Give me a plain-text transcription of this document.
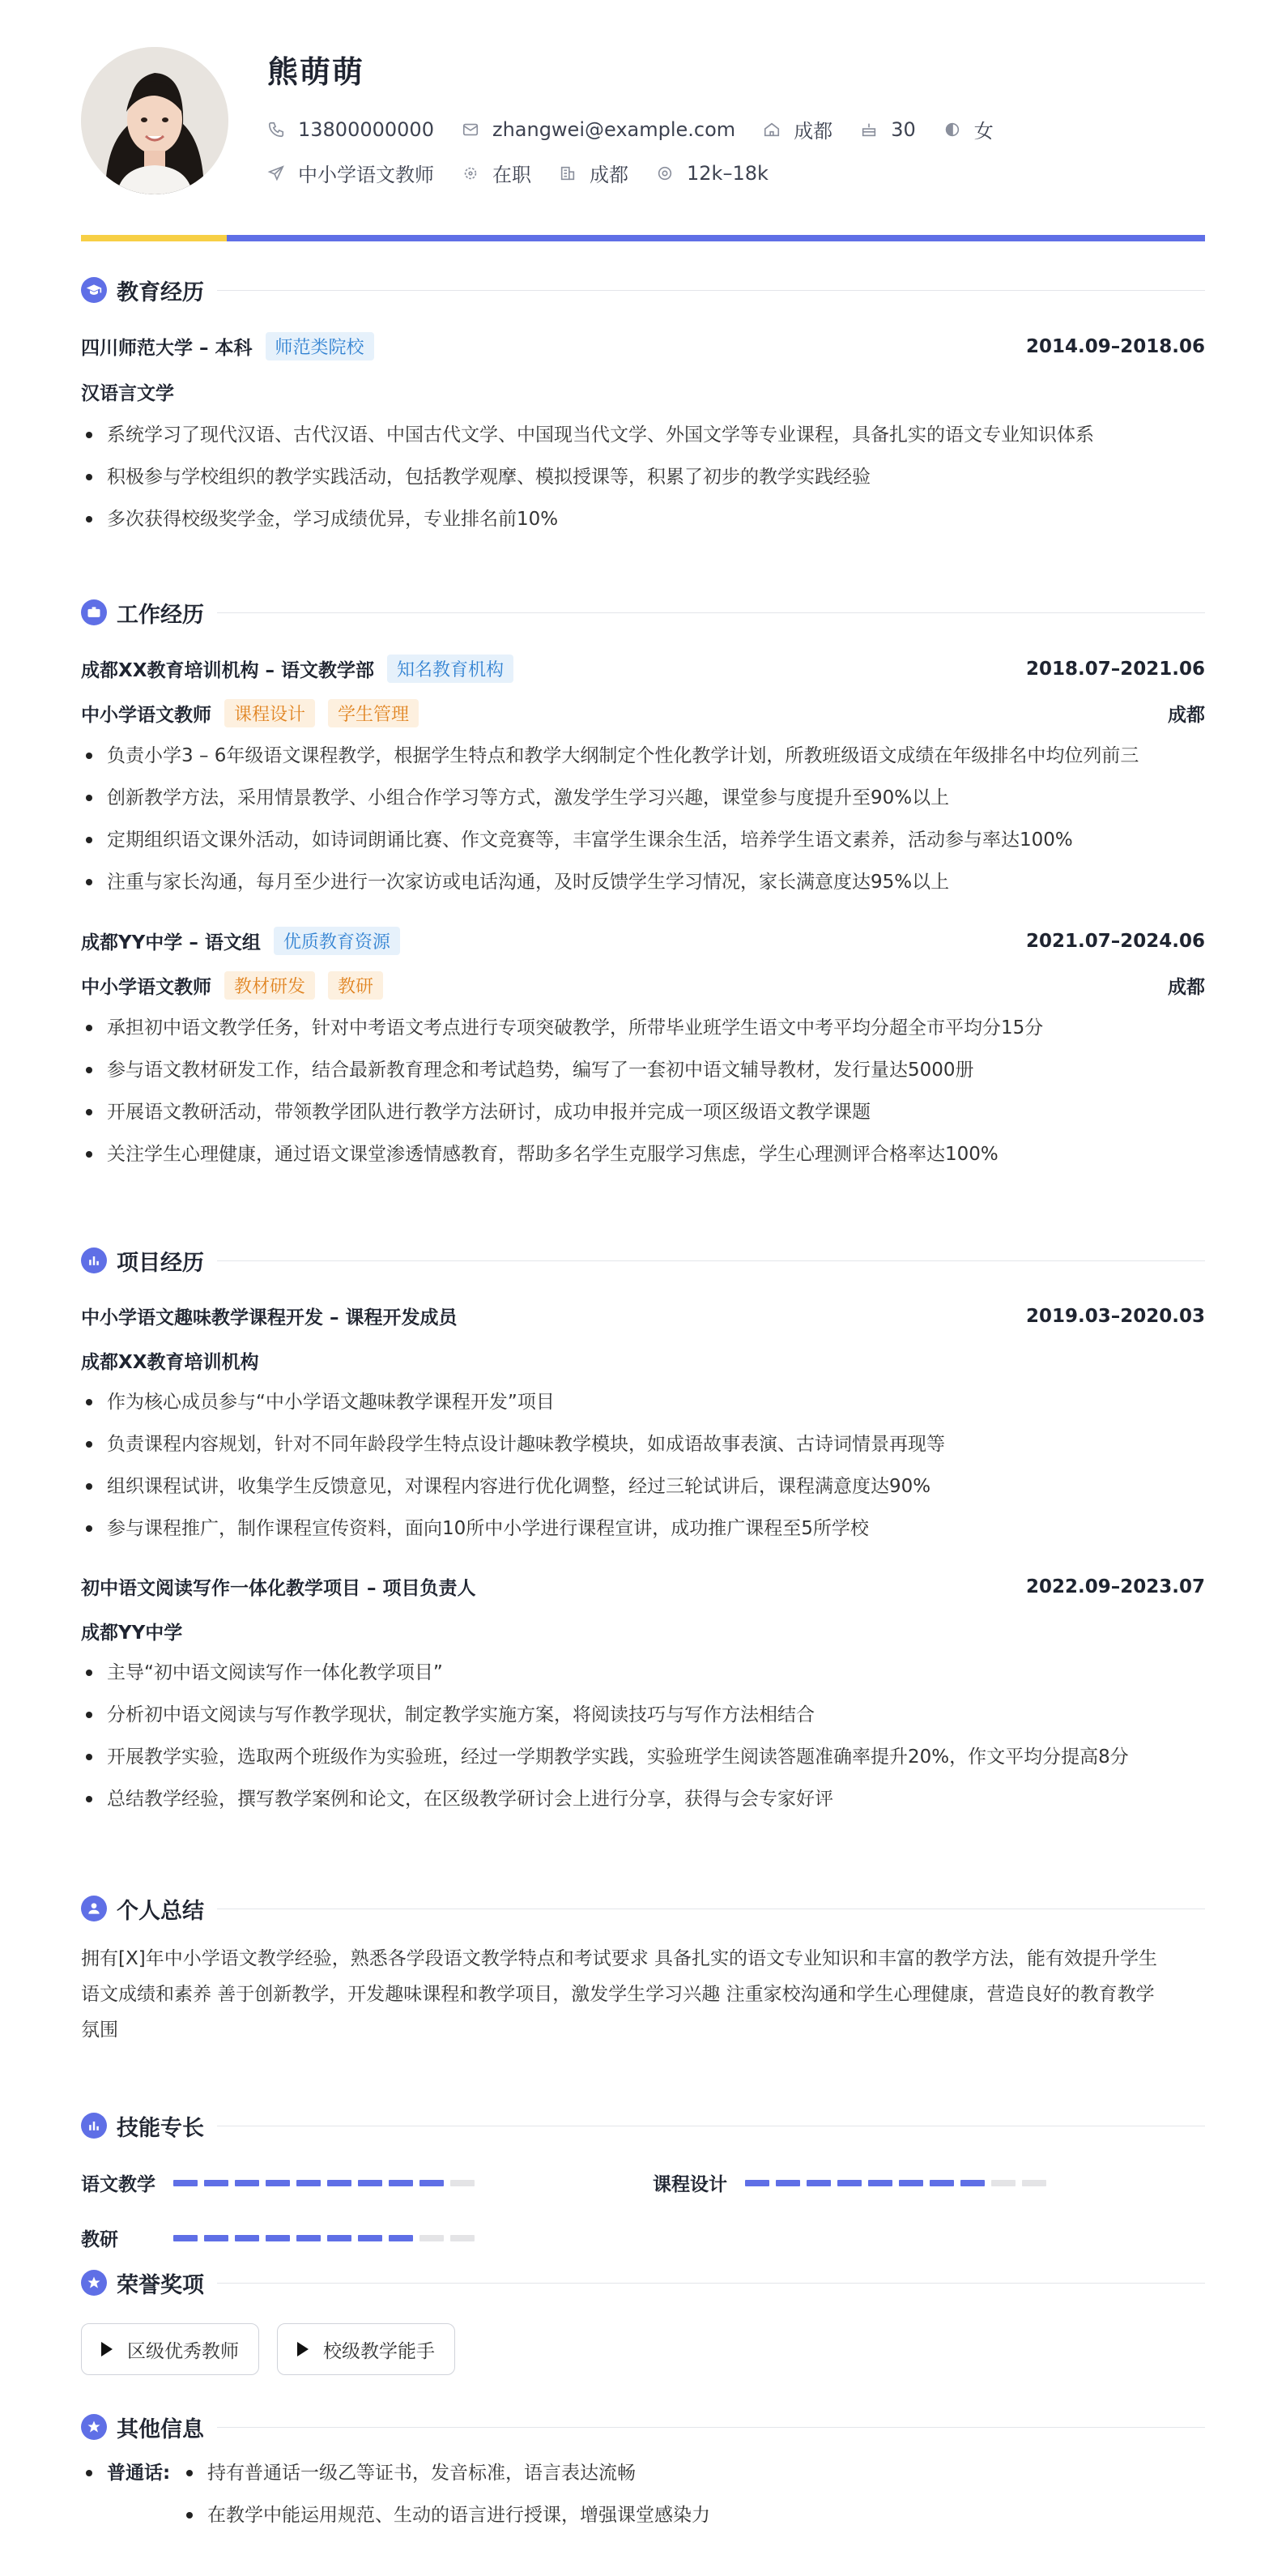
熊萌萌
13800000000	zhangwei@example.com	成都	30	女
中小学语文教师	在职	成都	12k–18k
教育经历
四川师范大学 – 本科	师范类院校	2014.09–2018.06
汉语言文学
系统学习了现代汉语、古代汉语、中国古代文学、中国现当代文学、外国文学等专业课程，具备扎实的语文专业知识体系
积极参与学校组织的教学实践活动，包括教学观摩、模拟授课等，积累了初步的教学实践经验
多次获得校级奖学金，学习成绩优异，专业排名前10%
工作经历
成都XX教育培训机构 – 语文教学部	知名教育机构	2018.07–2021.06
中小学语文教师	课程设计	学生管理	成都
负责小学3 – 6年级语文课程教学，根据学生特点和教学大纲制定个性化教学计划，所教班级语文成绩在年级排名中均位列前三
创新教学方法，采用情景教学、小组合作学习等方式，激发学生学习兴趣，课堂参与度提升至90%以上
定期组织语文课外活动，如诗词朗诵比赛、作文竞赛等，丰富学生课余生活，培养学生语文素养，活动参与率达100%
注重与家长沟通，每月至少进行一次家访或电话沟通，及时反馈学生学习情况，家长满意度达95%以上
成都YY中学 – 语文组	优质教育资源	2021.07–2024.06
中小学语文教师	教材研发	教研	成都
承担初中语文教学任务，针对中考语文考点进行专项突破教学，所带毕业班学生语文中考平均分超全市平均分15分
参与语文教材研发工作，结合最新教育理念和考试趋势，编写了一套初中语文辅导教材，发行量达5000册
开展语文教研活动，带领教学团队进行教学方法研讨，成功申报并完成一项区级语文教学课题
关注学生心理健康，通过语文课堂渗透情感教育，帮助多名学生克服学习焦虑，学生心理测评合格率达100%
项目经历
中小学语文趣味教学课程开发 – 课程开发成员	2019.03–2020.03
成都XX教育培训机构
作为核心成员参与“中小学语文趣味教学课程开发”项目
负责课程内容规划，针对不同年龄段学生特点设计趣味教学模块，如成语故事表演、古诗词情景再现等
组织课程试讲，收集学生反馈意见，对课程内容进行优化调整，经过三轮试讲后，课程满意度达90%
参与课程推广，制作课程宣传资料，面向10所中小学进行课程宣讲，成功推广课程至5所学校
初中语文阅读写作一体化教学项目 – 项目负责人	2022.09–2023.07
成都YY中学
主导“初中语文阅读写作一体化教学项目”
分析初中语文阅读与写作教学现状，制定教学实施方案，将阅读技巧与写作方法相结合
开展教学实验，选取两个班级作为实验班，经过一学期教学实践，实验班学生阅读答题准确率提升20%，作文平均分提高8分
总结教学经验，撰写教学案例和论文，在区级教学研讨会上进行分享，获得与会专家好评
个人总结
拥有[X]年中小学语文教学经验，熟悉各学段语文教学特点和考试要求 具备扎实的语文专业知识和丰富的教学方法，能有效提升学生
语文成绩和素养 善于创新教学，开发趣味课程和教学项目，激发学生学习兴趣 注重家校沟通和学生心理健康，营造良好的教育教学
氛围
技能专长
语文教学	课程设计
教研
荣誉奖项
区级优秀教师	校级教学能手
其他信息
普通话:	持有普通话一级乙等证书，发音标准，语言表达流畅
在教学中能运用规范、生动的语言进行授课，增强课堂感染力
